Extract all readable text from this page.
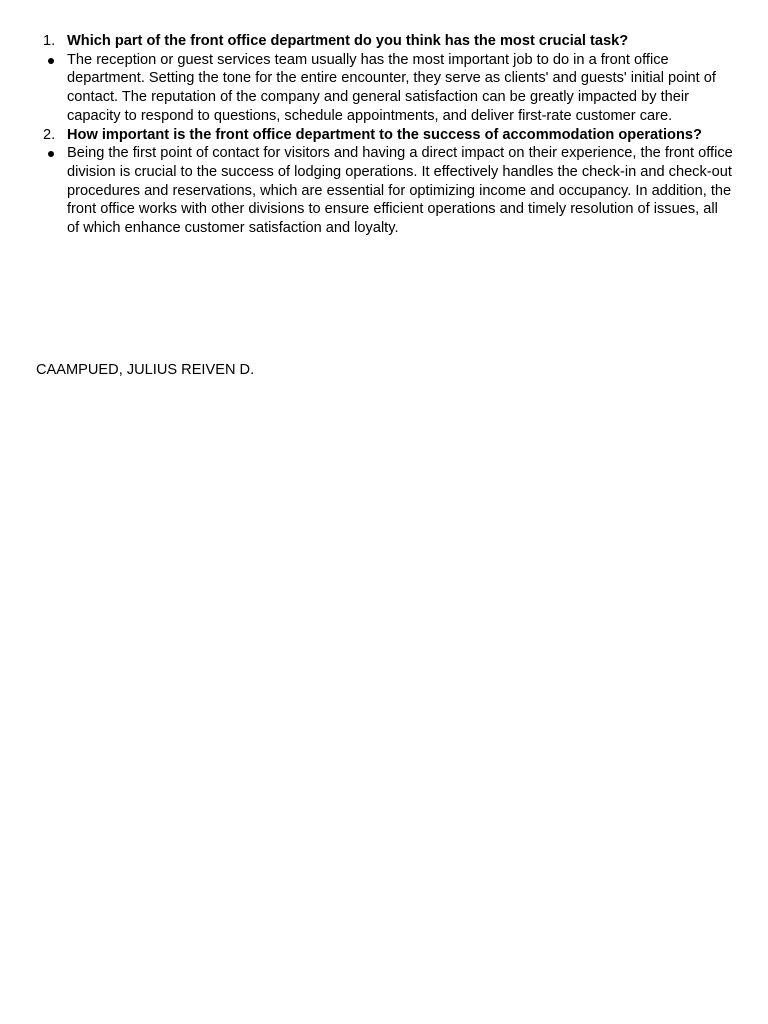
1. Which part of the front office department do you think has the most crucial task?

The reception or guest services team usually has the most important job to do in a front office department. Setting the tone for the entire encounter, they serve as clients' and guests' initial point of contact. The reputation of the company and general satisfaction can be greatly impacted by their capacity to respond to questions, schedule appointments, and deliver first-rate customer care.

2. How important is the front office department to the success of accommodation operations?

Being the first point of contact for visitors and having a direct impact on their experience, the front office division is crucial to the success of lodging operations. It effectively handles the check-in and check-out procedures and reservations, which are essential for optimizing income and occupancy. In addition, the front office works with other divisions to ensure efficient operations and timely resolution of issues, all of which enhance customer satisfaction and loyalty.

CAAMPUED, JULIUS REIVEN D.
